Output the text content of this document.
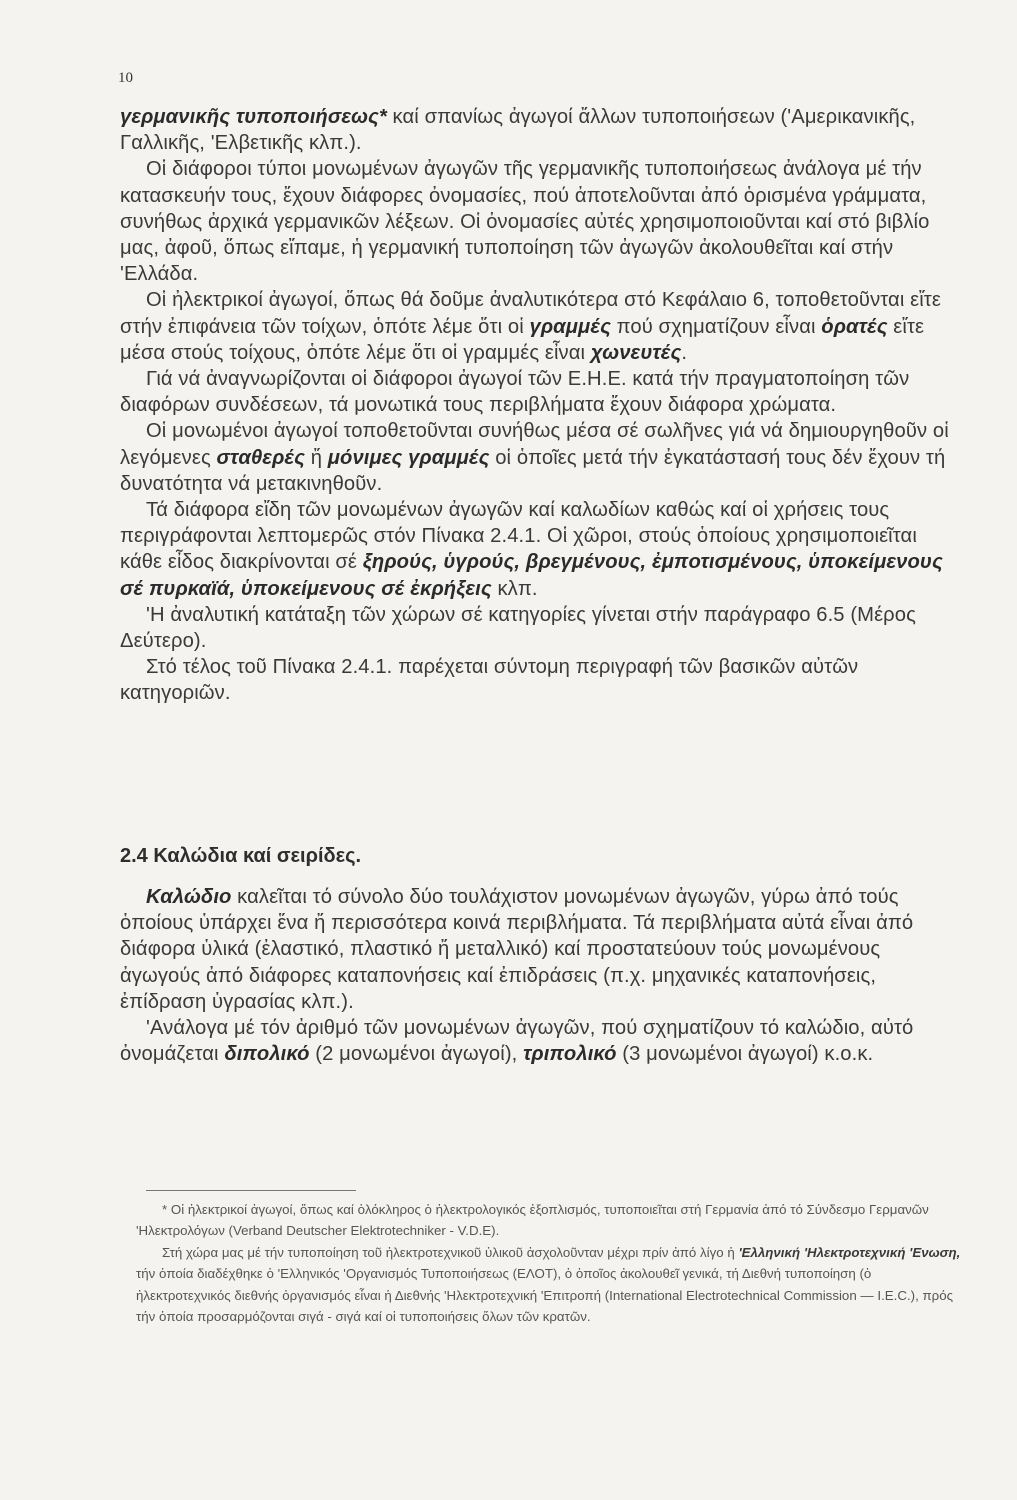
10

γερμανικῆς τυποποιήσεως* καί σπανίως ἀγωγοί ἄλλων τυποποιήσεων ('Αμερικανικῆς, Γαλλικῆς, 'Ελβετικῆς κλπ.).

Οἱ διάφοροι τύποι μονωμένων ἀγωγῶν τῆς γερμανικῆς τυποποιήσεως ἀνάλογα μέ τήν κατασκευήν τους, ἔχουν διάφορες ὀνομασίες, πού ἀποτελοῦνται ἀπό ὁρισμένα γράμματα, συνήθως ἀρχικά γερμανικῶν λέξεων. Οἱ ὀνομασίες αὐτές χρησιμοποιοῦνται καί στό βιβλίο μας, ἀφοῦ, ὅπως εἴπαμε, ἡ γερμανική τυποποίηση τῶν ἀγωγῶν ἀκολουθεῖται καί στήν 'Ελλάδα.

Οἱ ἠλεκτρικοί ἀγωγοί, ὅπως θά δοῦμε ἀναλυτικότερα στό Κεφάλαιο 6, τοποθετοῦνται εἴτε στήν ἐπιφάνεια τῶν τοίχων, ὁπότε λέμε ὅτι οἱ γραμμές πού σχηματίζουν εἶναι ὁρατές εἴτε μέσα στούς τοίχους, ὁπότε λέμε ὅτι οἱ γραμμές εἶναι χωνευτές.

Γιά νά ἀναγνωρίζονται οἱ διάφοροι ἀγωγοί τῶν Ε.Η.Ε. κατά τήν πραγματοποίηση τῶν διαφόρων συνδέσεων, τά μονωτικά τους περιβλήματα ἔχουν διάφορα χρώματα.

Οἱ μονωμένοι ἀγωγοί τοποθετοῦνται συνήθως μέσα σέ σωλῆνες γιά νά δημιουργηθοῦν οἱ λεγόμενες σταθερές ἤ μόνιμες γραμμές οἱ ὁποῖες μετά τήν ἐγκατάστασή τους δέν ἔχουν τή δυνατότητα νά μετακινηθοῦν.

Τά διάφορα εἴδη τῶν μονωμένων ἀγωγῶν καί καλωδίων καθώς καί οἱ χρήσεις τους περιγράφονται λεπτομερῶς στόν Πίνακα 2.4.1. Οἱ χῶροι, στούς ὁποίους χρησιμοποιεῖται κάθε εἶδος διακρίνονται σέ ξηρούς, ὑγρούς, βρεγμένους, ἐμποτισμένους, ὑποκείμενους σέ πυρκαϊά, ὑποκείμενους σέ ἐκρήξεις κλπ.

'Η ἀναλυτική κατάταξη τῶν χώρων σέ κατηγορίες γίνεται στήν παράγραφο 6.5 (Μέρος Δεύτερο).

Στό τέλος τοῦ Πίνακα 2.4.1. παρέχεται σύντομη περιγραφή τῶν βασικῶν αὐτῶν κατηγοριῶν.

2.4 Καλώδια καί σειρίδες.

Καλώδιο καλεῖται τό σύνολο δύο τουλάχιστον μονωμένων ἀγωγῶν, γύρω ἀπό τούς ὁποίους ὑπάρχει ἕνα ἤ περισσότερα κοινά περιβλήματα. Τά περιβλήματα αὐτά εἶναι ἀπό διάφορα ὑλικά (ἐλαστικό, πλαστικό ἤ μεταλλικό) καί προστατεύουν τούς μονωμένους ἀγωγούς ἀπό διάφορες καταπονήσεις καί ἐπιδράσεις (π.χ. μηχανικές καταπονήσεις, ἐπίδραση ὑγρασίας κλπ.).

'Ανάλογα μέ τόν ἀριθμό τῶν μονωμένων ἀγωγῶν, πού σχηματίζουν τό καλώδιο, αὐτό ὀνομάζεται διπολικό (2 μονωμένοι ἀγωγοί), τριπολικό (3 μονωμένοι ἀγωγοί) κ.ο.κ.

* Οἱ ἠλεκτρικοί ἀγωγοί, ὅπως καί ὁλόκληρος ὁ ἠλεκτρολογικός ἐξοπλισμός, τυποποιεῖται στή Γερμανία ἀπό τό Σύνδεσμο Γερμανῶν 'Ηλεκτρολόγων (Verband Deutscher Elektrotechniker - V.D.E).

Στή χώρα μας μέ τήν τυποποίηση τοῦ ἠλεκτροτεχνικοῦ ὑλικοῦ ἀσχολοῦνταν μέχρι πρίν ἀπό λίγο ἡ 'Ελληνική 'Ηλεκτροτεχνική 'Ενωση, τήν ὁποία διαδέχθηκε ὁ 'Ελληνικός 'Οργανισμός Τυποποιήσεως (ΕΛΟΤ), ὁ ὁποῖος ἀκολουθεῖ γενικά, τή Διεθνή τυποποίηση (ὁ ἠλεκτροτεχνικός διεθνής ὀργανισμός εἶναι ἡ Διεθνής 'Ηλεκτροτεχνική 'Επιτροπή (International Electrotechnical Commission — I.E.C.), πρός τήν ὁποία προσαρμόζονται σιγά - σιγά καί οἱ τυποποιήσεις ὅλων τῶν κρατῶν.
